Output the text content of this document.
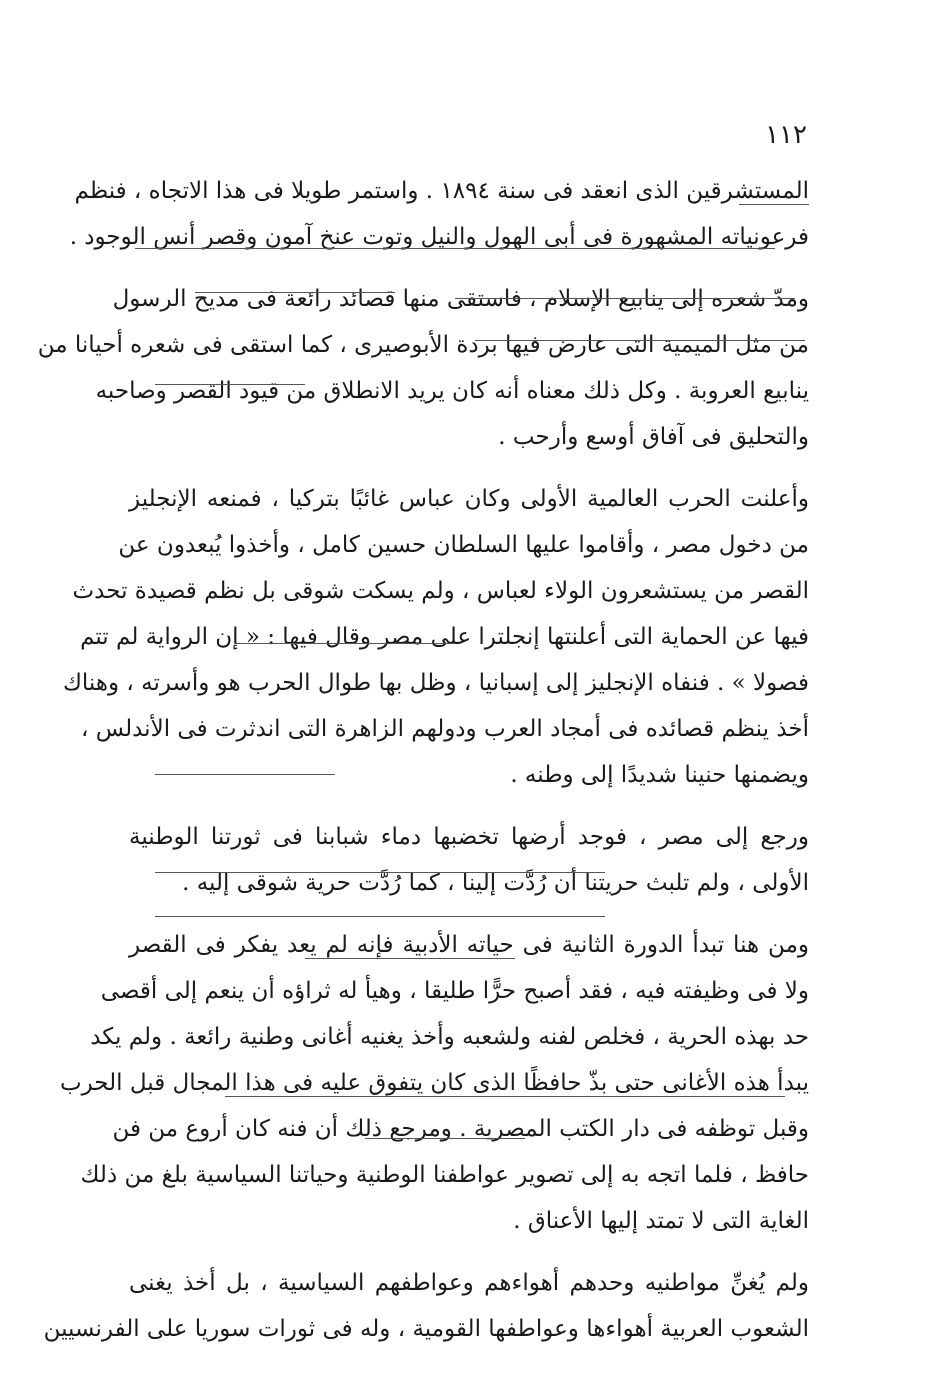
١١٢
المستشرقين الذى انعقد فى سنة ١٨٩٤ . واستمر طويلا فى هذا الاتجاه ، فنظم
فرعونياته المشهورة فى أبى الهول والنيل وتوت عنخ آمون وقصر أنس الوجود .
ومدّ شعره إلى ينابيع الإسلام ، فاستقى منها قصائد رائعة فى مديح الرسول
من مثل الميمية التى عارض فيها بردة الأبوصيرى ، كما استقى فى شعره أحيانا من
ينابيع العروبة . وكل ذلك معناه أنه كان يريد الانطلاق من قيود القصر وصاحبه
والتحليق فى آفاق أوسع وأرحب .
وأعلنت الحرب العالمية الأولى وكان عباس غائبًا بتركيا ، فمنعه الإنجليز
من دخول مصر ، وأقاموا عليها السلطان حسين كامل ، وأخذوا يُبعدون عن
القصر من يستشعرون الولاء لعباس ، ولم يسكت شوقى بل نظم قصيدة تحدث
فيها عن الحماية التى أعلنتها إنجلترا على مصر وقال فيها : « إن الرواية لم تتم
فصولا » . فنفاه الإنجليز إلى إسبانيا ، وظل بها طوال الحرب هو وأسرته ، وهناك
أخذ ينظم قصائده فى أمجاد العرب ودولهم الزاهرة التى اندثرت فى الأندلس ،
ويضمنها حنينا شديدًا إلى وطنه .
ورجع إلى مصر ، فوجد أرضها تخضبها دماء شبابنا فى ثورتنا الوطنية
الأولى ، ولم تلبث حريتنا أن رُدَّت إلينا ، كما رُدَّت حرية شوقى إليه .
ومن هنا تبدأ الدورة الثانية فى حياته الأدبية فإنه لم يعد يفكر فى القصر
ولا فى وظيفته فيه ، فقد أصبح حرًّا طليقا ، وهيأ له ثراؤه أن ينعم إلى أقصى
حد بهذه الحرية ، فخلص لفنه ولشعبه وأخذ يغنيه أغانى وطنية رائعة . ولم يكد
يبدأ هذه الأغانى حتى بذّ حافظًا الذى كان يتفوق عليه فى هذا المجال قبل الحرب
وقبل توظفه فى دار الكتب المصرية . ومرجع ذلك أن فنه كان أروع من فن
حافظ ، فلما اتجه به إلى تصوير عواطفنا الوطنية وحياتنا السياسية بلغ من ذلك
الغاية التى لا تمتد إليها الأعناق .
ولم يُغنِّ مواطنيه وحدهم أهواءهم وعواطفهم السياسية ، بل أخذ يغنى
الشعوب العربية أهواءها وعواطفها القومية ، وله فى ثورات سوريا على الفرنسيين
